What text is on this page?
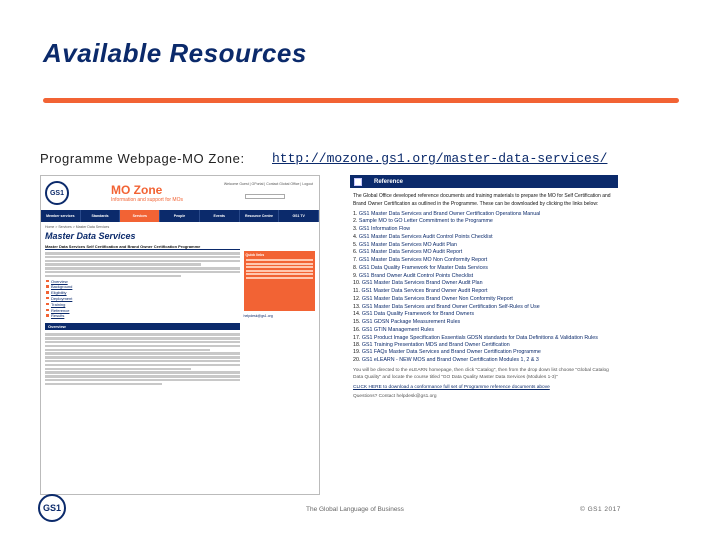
Available Resources
Programme Webpage-MO Zone: http://mozone.gs1.org/master-data-services/
GS1	MO Zone
Information and support for MOs
Welcome Guest | GPortal | Contact Global Office | Logout
Member services	Standards	Services	People	Events	Resource Centre	GS1 TV
Home > Services > Master Data Services
Master Data Services
Master Data Services Self Certification and Brand Owner Certification Programme
Overview
Background
Eligibility
Deployment
Training
Reference
Results
Overview
Quick links
helpdesk@gs1.org
Reference
The Global Office developed reference documents and training materials to prepare the MO for Self Certification and Brand Owner Certification as outlined in the Programme. These can be downloaded by clicking the links below:
1. GS1 Master Data Services and Brand Owner Certification Operations Manual
2. Sample MO to GO Letter Commitment to the Programme
3. GS1 Information Flow
4. GS1 Master Data Services Audit Control Points Checklist
5. GS1 Master Data Services MO Audit Plan
6. GS1 Master Data Services MO Audit Report
7. GS1 Master Data Services MO Non Conformity Report
8. GS1 Data Quality Framework for Master Data Services
9. GS1 Brand Owner Audit Control Points Checklist
10. GS1 Master Data Services Brand Owner Audit Plan
11. GS1 Master Data Services Brand Owner Audit Report
12. GS1 Master Data Services Brand Owner Non Conformity Report
13. GS1 Master Data Services and Brand Owner Certification Self-Rules of Use
14. GS1 Data Quality Framework for Brand Owners
15. GS1 GDSN Package Measurement Rules
16. GS1 GTIN Management Rules
17. GS1 Product Image Specification Essentials GDSN standards for Data Definitions & Validation Rules
18. GS1 Training Presentation MDS and Brand Owner Certification
19. GS1 FAQs Master Data Services and Brand Owner Certification Programme
20. GS1 eLEARN - NEW MOS and Brand Owner Certification Modules 1, 2 & 3
You will be directed to the eLEARN homepage, then click "Catalog", then from the drop down list choose "Global Catalog Data Quality" and locate the course titled "GO Data Quality Master Data Services (Modules 1-3)"
CLICK HERE to download a conformance full set of Programme reference documents above
Questions? Contact helpdesk@gs1.org
GS1	The Global Language of Business	© GS1 2017
